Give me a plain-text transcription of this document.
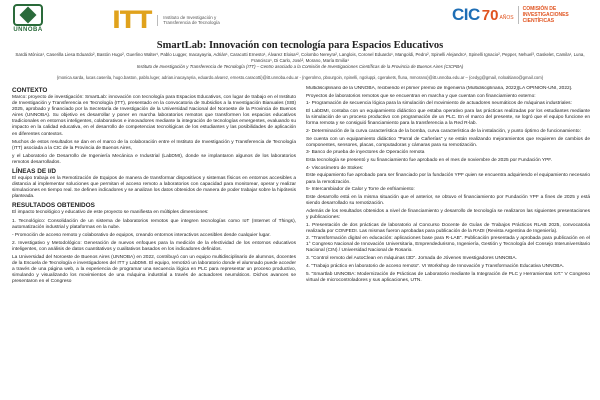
UNNOBA	ITT	Instituto de Investigación y Transferencia de Tecnología	CIC 70 AÑOS
COMISIÓN DE INVESTIGACIONES CIENTÍFICAS
SmartLab: Innovación con tecnología para Espacios Educativos
Sardá Mónica¹, Caserilla Liesa Eduardo², Bastón Hugo², Guerlino Walter¹, Pablo Lugger, Inacayayria, Adrián¹, Caracotti Ernesto¹, Álvarez Eloisa¹², Colombo Nereyra², Langlois, Coronel Eduardo¹, Mangoldi, Pedro², Spinelli Alejandro¹, Spinelli Ignacio², Pepper, Nehuel³, Gaskelet, Camila¹, Luna, Francisco¹, Di Carlo, José², Morano, María Emilia¹
Instituto de Investigación y Transferencia de Tecnología (ITT) – Centro asociado a la Comisión de Investigaciones Científicas de la Provincia de Buenos Aires (CICPBA)
{monica.sarda, lucas.caserila, hugo.baston, pablo.luger, adrian.inacayayria, eduardo.alvarez, ernesto.caracotti}@itt.unnoba.edu.ar - {ngerolmo, pbourgoin, npinelli, ngoluppi, cgerakets, fluna, mmorano}@itt.unnoba.edu.ar – {cedyg@gmail, noloaltiano@gmail.com}
CONTEXTO
Marco: proyecto de investigación: SmartLab: innovación con tecnología para Espacios Educativos, con lugar de trabajo en el Instituto de Investigación y Transferencia en Tecnología (ITT), presentado en la convocatoria de Subsidios a la Investigación Bianuales (SIB) 2025, aprobado y financiado por la Secretaría de Investigación de la Universidad Nacional del Noroeste de la Provincia de Buenos Aires (UNNOBA). Su objetivo es desarrollar y poner en marcha laboratorios remotos que transformen los espacios educativos tradicionales en entornos inteligentes, colaborativos e innovadores mediante la integración de tecnologías emergentes, evaluando su impacto en la calidad educativa, en el desarrollo de competencias tecnológicas de los estudiantes y las posibilidades de aplicación en diferentes contextos.
Muchos de estos resultados se dan en el marco de la colaboración entre el Instituto de Investigación y Transferencia de Tecnología (ITT) asociada a la CIC de la Provincia de Buenos Aires,
y el Laboratorio de Desarrollo de Ingeniería Mecánica e Industrial (LabDMI), donde se implantaron algunos de los laboratorios remotos desarrollados.
LÍNEAS DE I/D
El equipo trabaja en la Remotización de Equipos de manera de transformar dispositivos y sistemas físicos en entornos accesibles a distancia al implementar soluciones que permitan el acceso remoto a laboratorios con capacidad para monitorear, operar y realizar simulaciones en tiempo real. Se definen indicadores y se analizan los datos obtenidos de manera de poder trabajar sobre la hipótesis planteada.
RESULTADOS OBTENIDOS
El impacto tecnológico y educativo de este proyecto se manifiesta en múltiples dimensiones:
1. Tecnológico: Consolidación de un sistema de laboratorios remotos que integren tecnologías como IoT (Internet of Things), automatización industrial y plataformas en la nube.
- Promoción de acceso remoto y colaborativo de equipos, creando entornos interactivos accesibles desde cualquier lugar.
2. Investigativo y Metodológico: Generación de nuevos enfoques para la medición de la efectividad de los entornos educativos inteligentes, con análisis de datos cuantitativos y cualitativos basados en los indicadores definidos.
La Universidad del Noroeste de Buenos Aires (UNNOBA) en 2022, contribuyó con un equipo multidisciplinario de alumnos, docentes de la Escuela de Tecnología e investigadores del ITT y LabDMI. El equipo, remotizó un laboratorio donde el alumnado puede acceder a través de una página web, a la experiencia de programar una secuencia lógica en PLC para representar un proceso productivo, simulando y visualizando los movimientos de una máquina industrial a través de actuadores neumáticos. Dichos avances se presentaron en el Congreso
Multidisciplinario de la UNNOBA, recibiendo el primer premio de Ingeniería (Multidisciplinaria, 2022)[LA OPINIÓN-UNI, 2022].
Proyectos de laboratorios remotos que se encuentran en marcha y que cuentan con financiamiento externo:
1- Programación de secuencia lógica para la simulación del movimiento de actuadores neumáticos de máquinas industriales:
El LabDMI, contaba con un equipamiento didáctico que estaba operativo para las prácticas realizadas por los estudiantes mediante la simulación de un proceso productivo con programación de un PLC. En el marco del presente, se logró que el equipo funcione en forma remota y se consiguió financiamiento para la transferencia a la Red R-lab.
2- Determinación de la curva característica de la bomba, curva característica de la instalación, y punto óptimo de funcionamiento:
Se cuenta con un equipamiento didáctico "Parral de Cañerías" y se están realizando mejoramientos que requieren de cambios de componentes, sensores, placas, computadoras y cámaras para su remotización.
3- Banco de prueba de inyectores de Operación remota
Esta tecnología se presentó y su financiamiento fue aprobado en el mes de noviembre de 2025 por Fundación YPF.
4- Viscosímetro de Stokes:
Este equipamiento fue aprobado para ser financiado por la fundación YPF quien se encuentra adquiriendo el equipamiento necesario para la remotización.
5- Intercambiador de Calor y Torre de enfriamiento:
Este desarrollo está en la misma situación que el anterior, se obtuvo el financiamiento por Fundación YPF a fines de 2025 y está siendo desarrollado su remotización.
Además de los resultados obtenidos a nivel de financiamiento y desarrollo de tecnología se realizaron las siguientes presentaciones y publicaciones:
1. Presentación de dos prácticas de laboratorio al Concurso Docente de Guías de Trabajos Prácticos RLAB 2025, convocatoria realizada por CONFEDI. Las mismas fueron aprobadas para publicación de la RADI (Revista Argentina de Ingeniería).
2. "Transformación digital en educación: aplicaciones base para R-LAB". Publicación presentada y aprobada para publicación en el 1° Congreso Nacional de Innovación Universitaria, Emprendedurismo, Ingeniería, Gestión y Tecnología del Consejo Interuniversitario Nacional (CIN) / Universidad Nacional de Rosario.
3. "Control remoto del AutoClean en máquinas I3D". Jornada de Jóvenes Investigadores UNNOBA.
4. "Trabajo práctico en laboratorio de acceso remoto". VI Workshop de Innovación y Transformación Educativa UNNOBA.
5. "Smartlab UNNOBA: Modernización de Prácticas de Laboratorio mediante la Integración de PLC y Herramientas IoT." V Congreso virtual de microcontroladores y sus aplicaciones, UTN.
